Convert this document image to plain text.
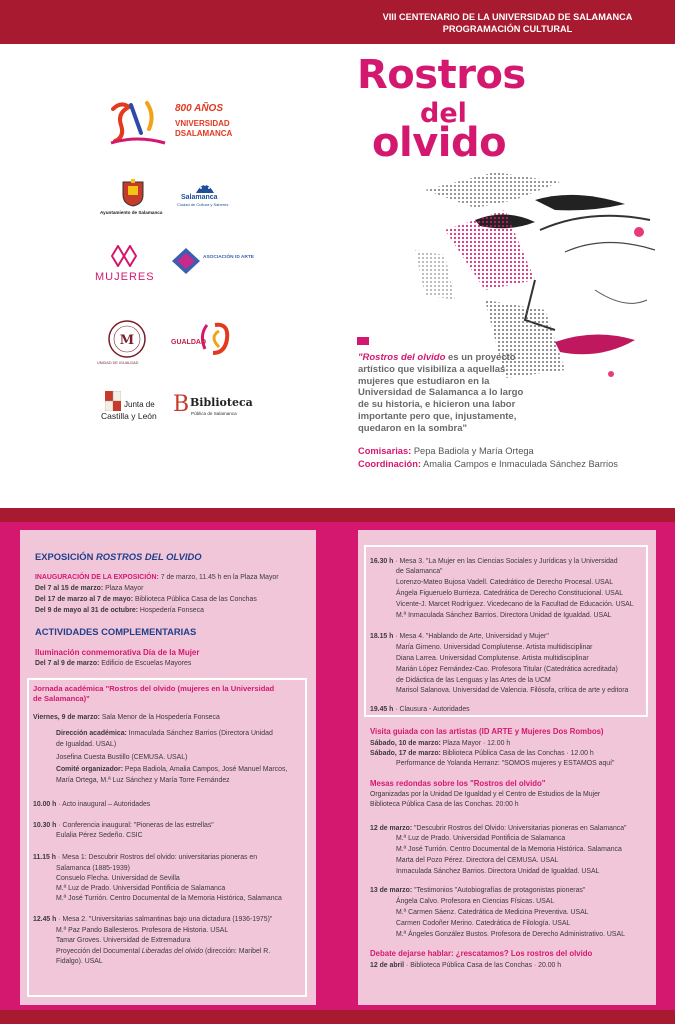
VIII CENTENARIO DE LA UNIVERSIDAD DE SALAMANCA
PROGRAMACIÓN CULTURAL
800 AÑOS
VNIVERSIDAD
DSALAMANCA
Ayuntamiento de Salamanca
Salamanca
Ciudad de Cultura y Saberes
MUJERES
ASOCIACIÓN ID ARTE
M
UNIDAD DE IGUALDAD
GUALDAD
Junta de
Castilla y León B Biblioteca
Pública de Salamanca
Rostros
del
olvido
"Rostros del olvido es un proyecto
artístico que visibiliza a aquellas
mujeres que estudiaron en la
Universidad de Salamanca a lo largo
de su historia, e hicieron una labor
importante pero que, injustamente,
quedaron en la sombra"
Comisarias: Pepa Badiola y María Ortega
Coordinación: Amalia Campos e Inmaculada Sánchez Barrios
EXPOSICIÓN ROSTROS DEL OLVIDO
INAUGURACIÓN DE LA EXPOSICIÓN: 7 de marzo, 11.45 h en la Plaza Mayor
Del 7 al 15 de marzo: Plaza Mayor
Del 17 de marzo al 7 de mayo: Biblioteca Pública Casa de las Conchas
Del 9 de mayo al 31 de octubre: Hospedería Fonseca
ACTIVIDADES COMPLEMENTARIAS
Iluminación conmemorativa Día de la Mujer
Del 7 al 9 de marzo: Edificio de Escuelas Mayores
Jornada académica "Rostros del olvido (mujeres en la Universidad
de Salamanca)"
Viernes, 9 de marzo: Sala Menor de la Hospedería Fonseca
Dirección académica: Inmaculada Sánchez Barrios (Directora Unidad
de Igualdad. USAL)
Josefina Cuesta Bustillo (CEMUSA. USAL)
Comité organizador: Pepa Badiola, Amalia Campos, José Manuel Marcos,
María Ortega, M.ª Luz Sánchez y María Torre Fernández
10.00 h · Acto inaugural – Autoridades
10.30 h · Conferencia inaugural: "Pioneras de las estrellas"
Eulalia Pérez Sedeño. CSIC
11.15 h · Mesa 1: Descubrir Rostros del olvido: universitarias pioneras en
Salamanca (1885-1939)
Consuelo Flecha. Universidad de Sevilla
M.ª Luz de Prado. Universidad Pontificia de Salamanca
M.ª José Turrión. Centro Documental de la Memoria Histórica, Salamanca
12.45 h · Mesa 2. "Universitarias salmantinas bajo una dictadura (1936-1975)"
M.ª Paz Pando Ballesteros. Profesora de Historia. USAL
Tamar Groves. Universidad de Extremadura
Proyección del Documental Liberadas del olvido (dirección: Maribel R.
Fidalgo). USAL
16.30 h · Mesa 3. "La Mujer en las Ciencias Sociales y Jurídicas y la Universidad
de Salamanca"
Lorenzo-Mateo Bujosa Vadell. Catedrático de Derecho Procesal. USAL
Ángela Figueruelo Burrieza. Catedrática de Derecho Constitucional. USAL
Vicente-J. Marcet Rodríguez. Vicedecano de la Facultad de Educación. USAL
M.ª Inmaculada Sánchez Barrios. Directora Unidad de Igualdad. USAL
18.15 h · Mesa 4. "Hablando de Arte, Universidad y Mujer"
María Gimeno. Universidad Complutense. Artista multidisciplinar
Diana Larrea. Universidad Complutense. Artista multidisciplinar
Marián López Fernández-Cao. Profesora Titular (Catedrática acreditada)
de Didáctica de las Lenguas y las Artes de la UCM
Marisol Salanova. Universidad de Valencia. Filósofa, crítica de arte y editora
19.45 h · Clausura - Autoridades
Visita guiada con las artistas (ID ARTE y Mujeres Dos Rombos)
Sábado, 10 de marzo: Plaza Mayor · 12.00 h
Sábado, 17 de marzo: Biblioteca Pública Casa de las Conchas · 12.00 h
Performance de Yolanda Herranz: "SOMOS mujeres y ESTAMOS aquí"
Mesas redondas sobre los "Rostros del olvido"
Organizadas por la Unidad De Igualdad y el Centro de Estudios de la Mujer
Biblioteca Pública Casa de las Conchas. 20:00 h
12 de marzo: "Descubrir Rostros del Olvido: Universitarias pioneras en Salamanca"
M.ª Luz de Prado. Universidad Pontificia de Salamanca
M.ª José Turrión. Centro Documental de la Memoria Histórica. Salamanca
Marta del Pozo Pérez. Directora del CEMUSA. USAL
Inmaculada Sánchez Barrios. Directora Unidad de Igualdad. USAL
13 de marzo: "Testimonios "Autobiografías de protagonistas pioneras"
Ángela Calvo. Profesora en Ciencias Físicas. USAL
M.ª Carmen Sáenz. Catedrática de Medicina Preventiva. USAL
Carmen Codoñer Merino. Catedrática de Filología. USAL
M.ª Ángeles González Bustos. Profesora de Derecho Administrativo. USAL
Debate dejarse hablar: ¿rescatamos? Los rostros del olvido
12 de abril · Biblioteca Pública Casa de las Conchas · 20.00 h
